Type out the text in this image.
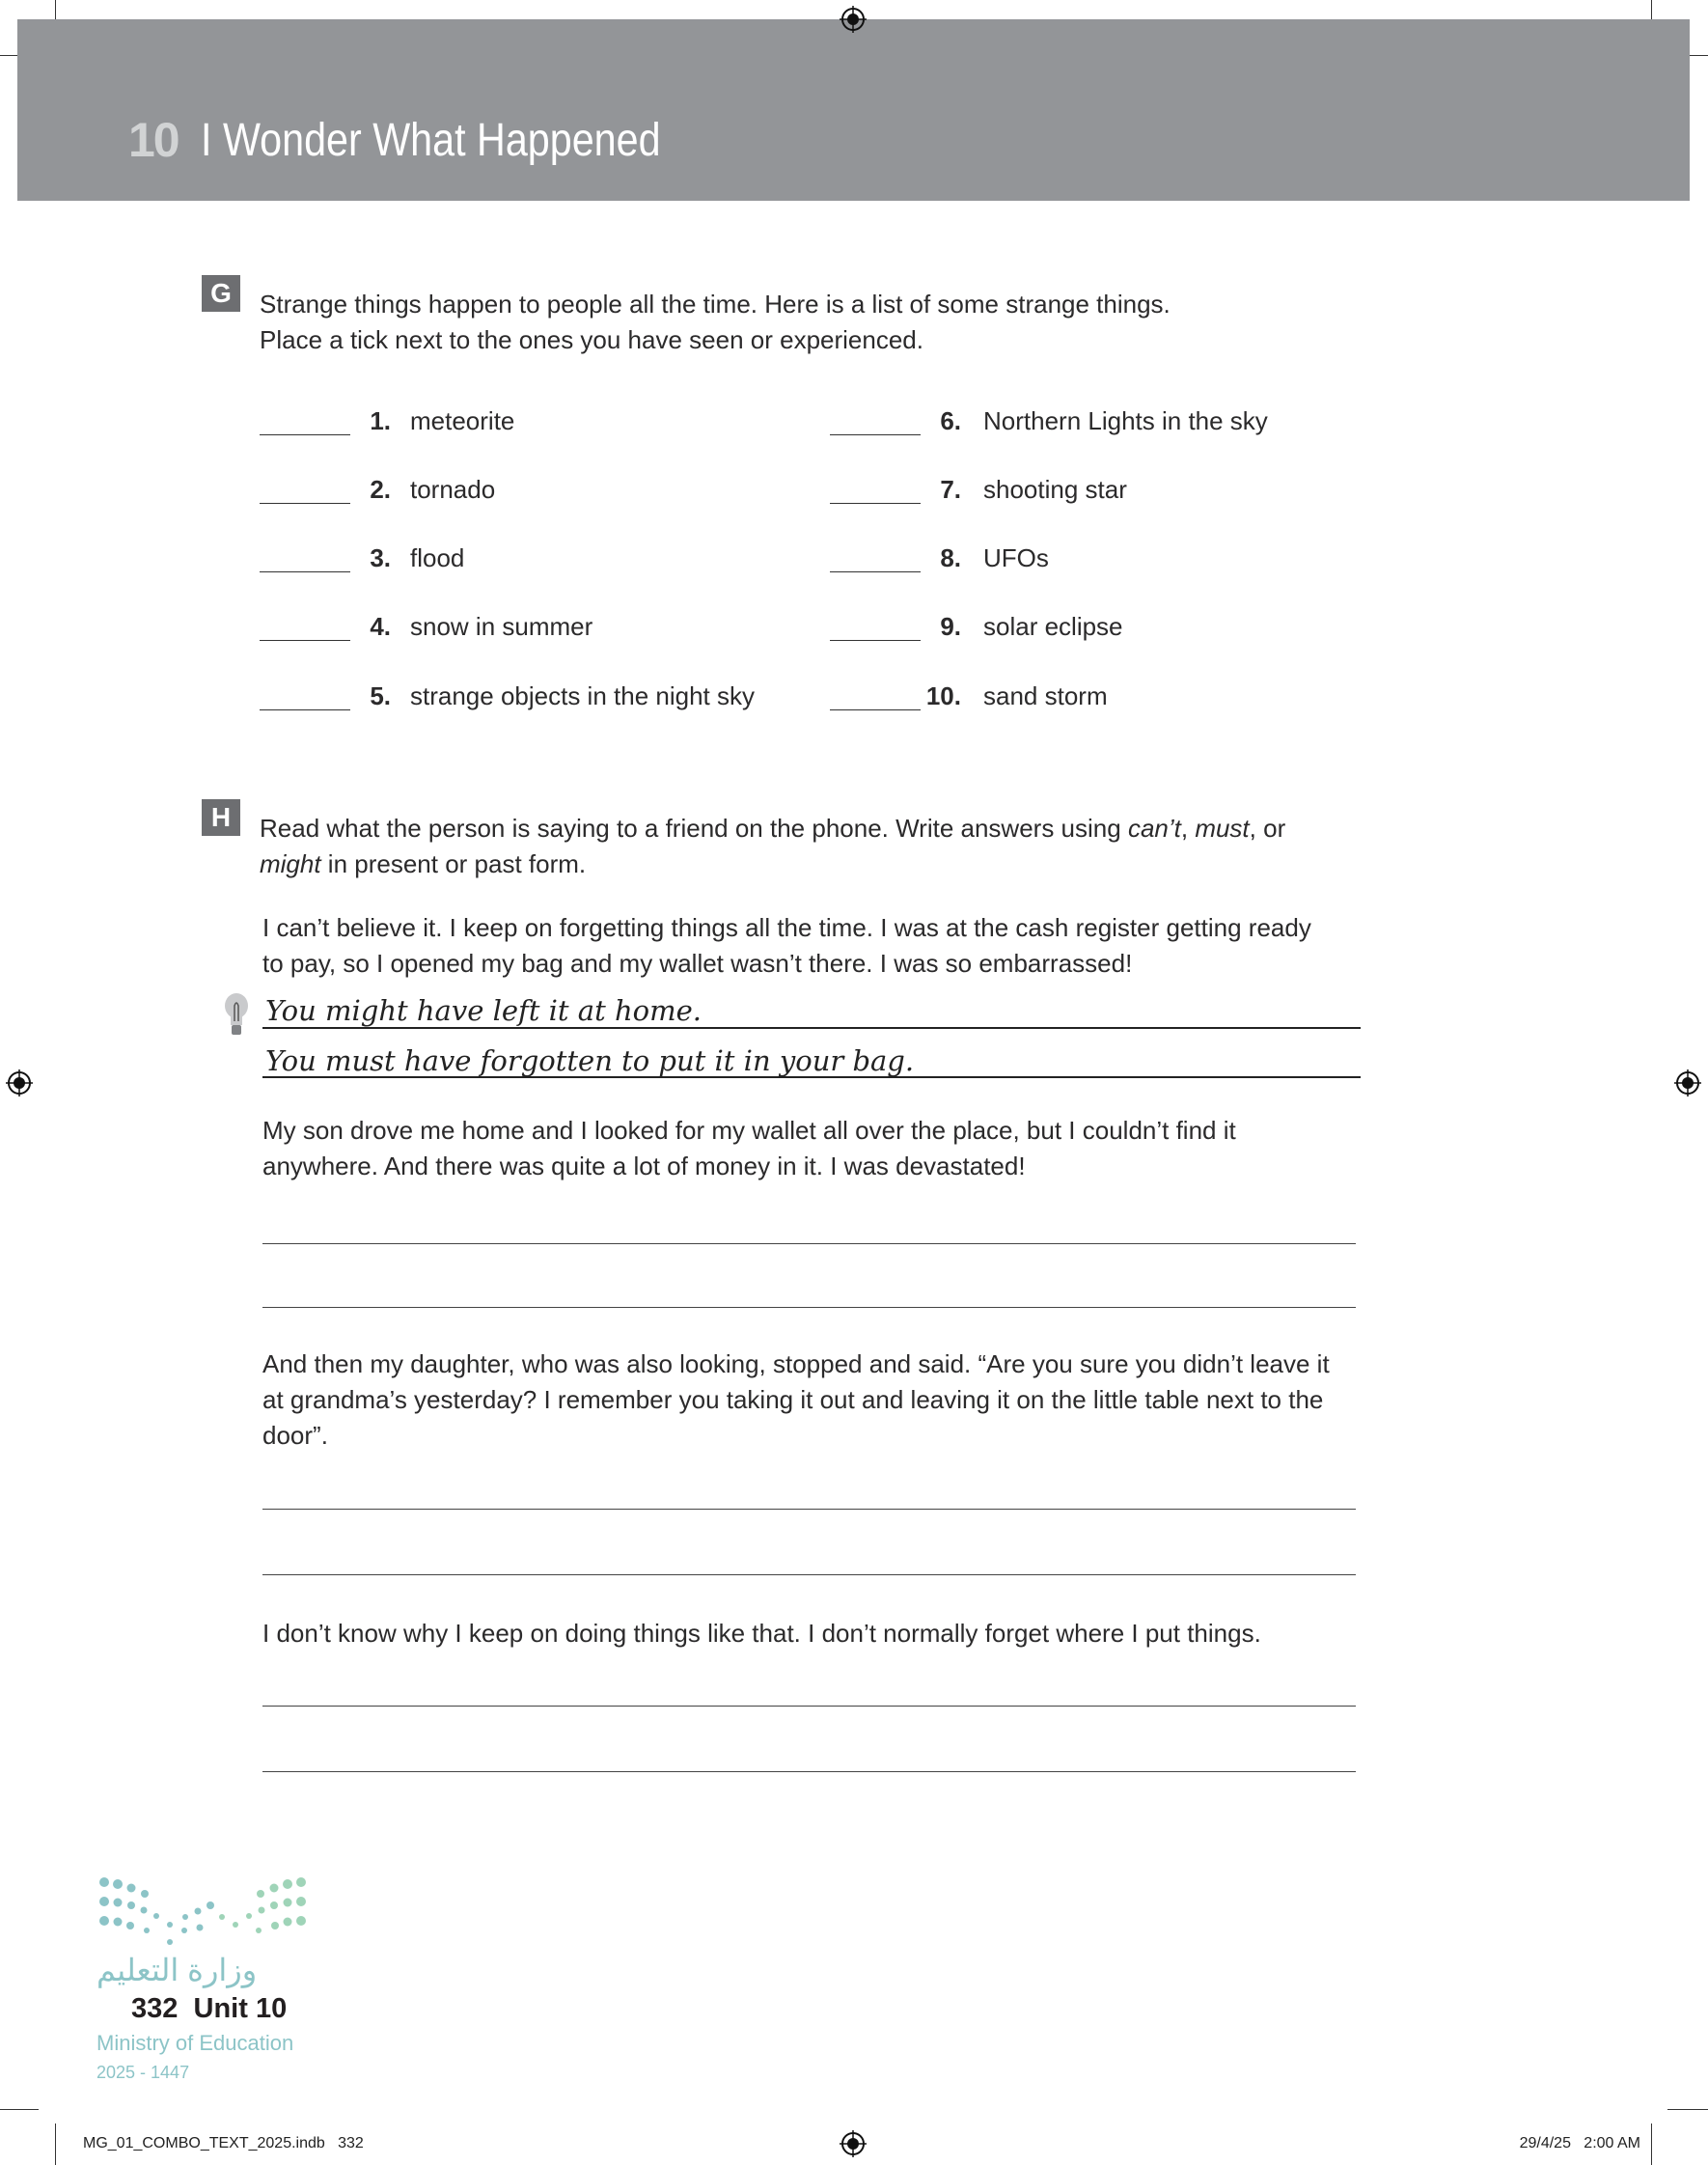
10 I Wonder What Happened
G	Strange things happen to people all the time. Here is a list of some strange things.
Place a tick next to the ones you have seen or experienced.
1. meteorite
2. tornado
3. flood
4. snow in summer
5. strange objects in the night sky
6. Northern Lights in the sky
7. shooting star
8. UFOs
9. solar eclipse
10. sand storm
H	Read what the person is saying to a friend on the phone. Write answers using can’t, must, or
might in present or past form.
I can’t believe it. I keep on forgetting things all the time. I was at the cash register getting ready
to pay, so I opened my bag and my wallet wasn’t there. I was so embarrassed!
My son drove me home and I looked for my wallet all over the place, but I couldn’t find it
anywhere. And there was quite a lot of money in it. I was devastated!
And then my daughter, who was also looking, stopped and said. “Are you sure you didn’t leave it
at grandma’s yesterday? I remember you taking it out and leaving it on the little table next to the
door”.
I don’t know why I keep on doing things like that. I don’t normally forget where I put things.
You might have left it at home.
You must have forgotten to put it in your bag.
وزارة التعليم
332 Unit 10
Ministry of Education
2025 - 1447
MG_01_COMBO_TEXT_2025.indb   332	29/4/25   2:00 AM
